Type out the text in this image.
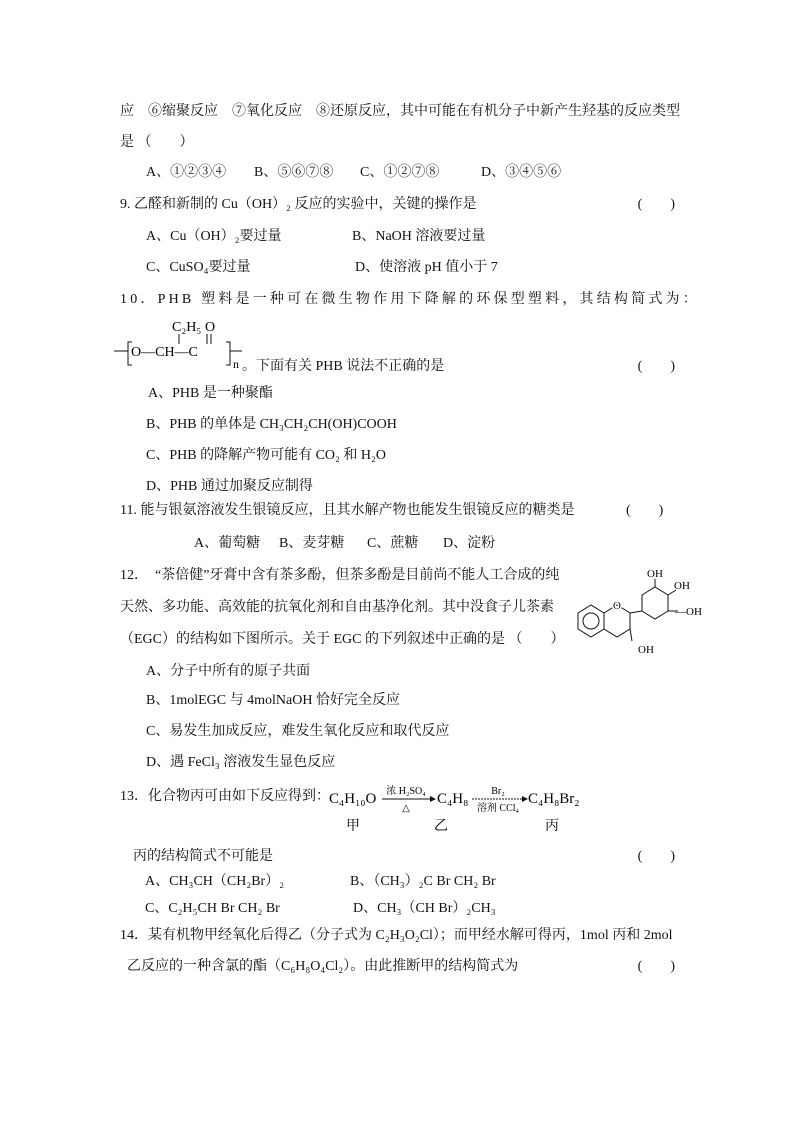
应　⑥缩聚反应　⑦氧化反应　⑧还原反应，其中可能在有机分子中新产生羟基的反应类型
是 （　　）
A、①②③④ B、⑤⑥⑦⑧ C、①②⑦⑧	D、③④⑤⑥
9. 乙醛和新制的 Cu（OH）₂ 反应的实验中，关键的操作是	(　　)
A、Cu（OH）₂要过量	B、NaOH 溶液要过量
C、CuSO₄要过量	D、使溶液 pH 值小于 7
10．PHB 塑料是一种可在微生物作用下降解的环保型塑料，其结构简式为：
C₂H₅ O
O—CH—C
n 。下面有关 PHB 说法不正确的是	(　　)
A、PHB 是一种聚酯
B、PHB 的单体是 CH₃CH₂CH(OH)COOH
C、PHB 的降解产物可能有 CO₂ 和 H₂O
D、PHB 通过加聚反应制得
11. 能与银氨溶液发生银镜反应，且其水解产物也能发生银镜反应的糖类是	(　　)
A、葡萄糖 B、麦芽糖 C、蔗糖 D、淀粉
12．　“茶倍健”牙膏中含有茶多酚，但茶多酚是目前尚不能人工合成的纯
天然、多功能、高效能的抗氧化剂和自由基净化剂。其中没食子儿茶素
（EGC）的结构如下图所示。关于 EGC 的下列叙述中正确的是 （　　）
OH
OH
—OH
OH
O
A、分子中所有的原子共面
B、1molEGC 与 4molNaOH 恰好完全反应
C、易发生加成反应，难发生氧化反应和取代反应
D、遇 FeCl₃ 溶液发生显色反应
13．化合物丙可由如下反应得到： C₄H₁₀O 浓 H₂SO₄
△
C₄H₈ Br₂
溶剂 CCl₄
C₄H₈Br₂
甲	乙	丙
丙的结构简式不可能是	(　　)
A、CH₃CH（CH₂Br）₂	B、（CH₃）₂C Br CH₂ Br
C、C₂H₅CH Br CH₂ Br	D、CH₃（CH Br）₂CH₃
14．某有机物甲经氧化后得乙（分子式为 C₂H₃O₂Cl）；而甲经水解可得丙，1mol 丙和 2mol
乙反应的一种含氯的酯（C₆H₈O₄Cl₂）。由此推断甲的结构简式为	(　　)
